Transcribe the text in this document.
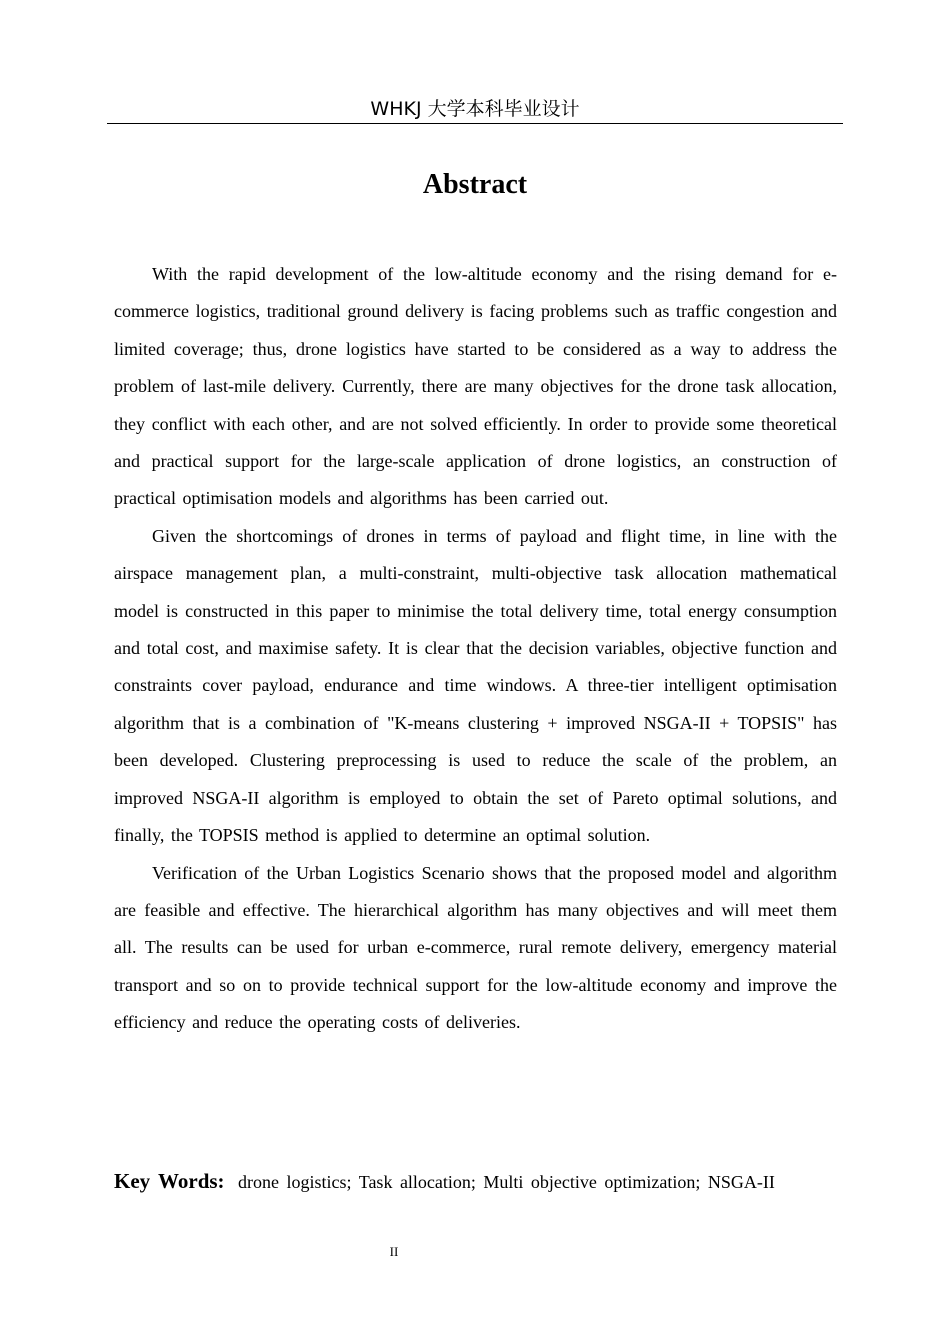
WHKJ 大学本科毕业设计
Abstract

With the rapid development of the low-altitude economy and the rising demand for e-commerce logistics, traditional ground delivery is facing problems such as traffic congestion and limited coverage; thus, drone logistics have started to be considered as a way to address the problem of last-mile delivery. Currently, there are many objectives for the drone task allocation, they conflict with each other, and are not solved efficiently. In order to provide some theoretical and practical support for the large-scale application of drone logistics, an construction of practical optimisation models and algorithms has been carried out.

Given the shortcomings of drones in terms of payload and flight time, in line with the airspace management plan, a multi-constraint, multi-objective task allocation mathematical model is constructed in this paper to minimise the total delivery time, total energy consumption and total cost, and maximise safety. It is clear that the decision variables, objective function and constraints cover payload, endurance and time windows. A three-tier intelligent optimisation algorithm that is a combination of "K-means clustering + improved NSGA-II + TOPSIS" has been developed. Clustering preprocessing is used to reduce the scale of the problem, an improved NSGA-II algorithm is employed to obtain the set of Pareto optimal solutions, and finally, the TOPSIS method is applied to determine an optimal solution.

Verification of the Urban Logistics Scenario shows that the proposed model and algorithm are feasible and effective. The hierarchical algorithm has many objectives and will meet them all. The results can be used for urban e-commerce, rural remote delivery, emergency material transport and so on to provide technical support for the low-altitude economy and improve the efficiency and reduce the operating costs of deliveries.

Key Words: drone logistics; Task allocation; Multi objective optimization; NSGA-II
II
